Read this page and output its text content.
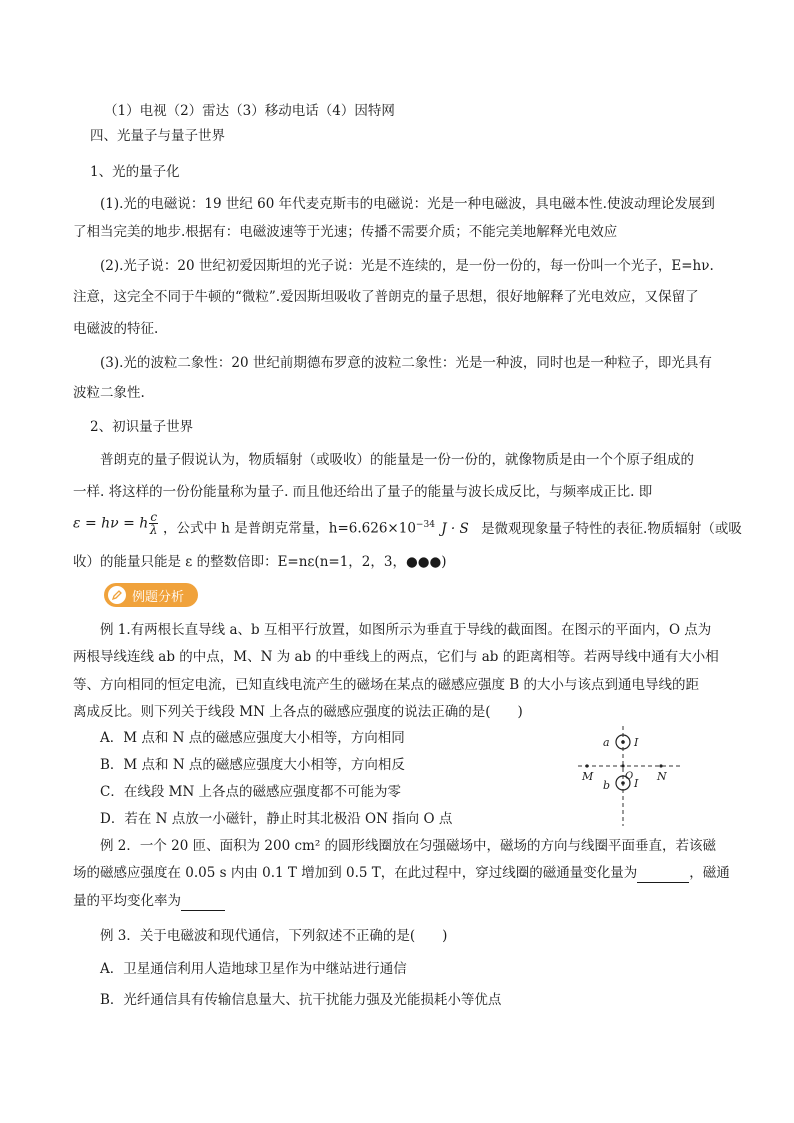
（1）电视（2）雷达（3）移动电话（4）因特网
四、光量子与量子世界
1、光的量子化
(1).光的电磁说：19 世纪 60 年代麦克斯韦的电磁说：光是一种电磁波，具电磁本性.使波动理论发展到
了相当完美的地步.根据有：电磁波速等于光速；传播不需要介质；不能完美地解释光电效应
(2).光子说：20 世纪初爱因斯坦的光子说：光是不连续的，是一份一份的，每一份叫一个光子，E=hν.
注意，这完全不同于牛顿的“微粒”.爱因斯坦吸收了普朗克的量子思想，很好地解释了光电效应，又保留了
电磁波的特征.
(3).光的波粒二象性：20 世纪前期德布罗意的波粒二象性：光是一种波，同时也是一种粒子，即光具有
波粒二象性.
2、初识量子世界
普朗克的量子假说认为，物质辐射（或吸收）的能量是一份一份的，就像物质是由一个个原子组成的
一样. 将这样的一份份能量称为量子. 而且他还给出了量子的能量与波长成反比，与频率成正比. 即
ε = hν = h $\frac{c}{\lambda}$ ，公式中 h 是普朗克常量，$h=6.626\times 10^{-34}$ J · S 是微观现象量子特性的表征.物质辐射（或吸
收）的能量只能是 ε 的整数倍即：E=nε(n=1，2，3，●●●)
例题分析
例 1.有两根长直导线 a、b 互相平行放置，如图所示为垂直于导线的截面图。在图示的平面内，O 点为
两根导线连线 ab 的中点，M、N 为 ab 的中垂线上的两点，它们与 ab 的距离相等。若两导线中通有大小相
等、方向相同的恒定电流，已知直线电流产生的磁场在某点的磁感应强度 B 的大小与该点到通电导线的距
离成反比。则下列关于线段 MN 上各点的磁感应强度的说法正确的是(　　)
A．M 点和 N 点的磁感应强度大小相等，方向相同
B．M 点和 N 点的磁感应强度大小相等，方向相反
C．在线段 MN 上各点的磁感应强度都不可能为零
D．若在 N 点放一小磁针，静止时其北极沿 ON 指向 O 点
a I
b I
M	O N
例 2．一个 20 匝、面积为 200 cm² 的圆形线圈放在匀强磁场中，磁场的方向与线圈平面垂直，若该磁
场的磁感应强度在 0.05 s 内由 0.1 T 增加到 0.5 T，在此过程中，穿过线圈的磁通量变化量为	，磁通
量的平均变化率为
例 3．关于电磁波和现代通信，下列叙述不正确的是(　　)
A．卫星通信利用人造地球卫星作为中继站进行通信
B．光纤通信具有传输信息量大、抗干扰能力强及光能损耗小等优点
